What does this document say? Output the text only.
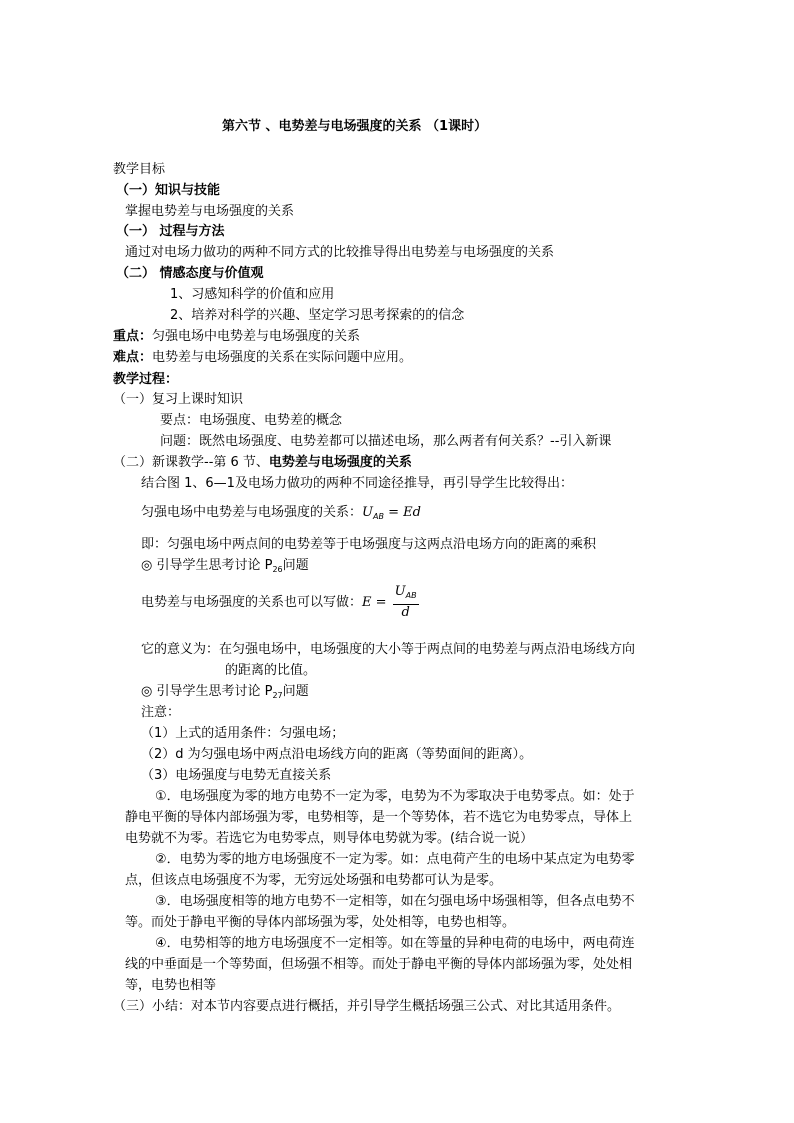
第六节 、电势差与电场强度的关系 （1课时）
教学目标
（一）知识与技能
掌握电势差与电场强度的关系
（一） 过程与方法
通过对电场力做功的两种不同方式的比较推导得出电势差与电场强度的关系
（二） 情感态度与价值观
1、习感知科学的价值和应用
2、培养对科学的兴趣、坚定学习思考探索的的信念
重点：匀强电场中电势差与电场强度的关系
难点：电势差与电场强度的关系在实际问题中应用。
教学过程：
（一）复习上课时知识
要点：电场强度、电势差的概念
问题：既然电场强度、电势差都可以描述电场，那么两者有何关系？--引入新课
（二）新课教学--第 6 节、电势差与电场强度的关系
结合图 1、6—1及电场力做功的两种不同途径推导，再引导学生比较得出：
匀强电场中电势差与电场强度的关系：$U_{AB} = Ed$
即：匀强电场中两点间的电势差等于电场强度与这两点沿电场方向的距离的乘积
◎ 引导学生思考讨论 $P_{26}$问题
电势差与电场强度的关系也可以写做：$E = \frac{U_{AB}}{d}$
它的意义为：在匀强电场中，电场强度的大小等于两点间的电势差与两点沿电场线方向
的距离的比值。
◎ 引导学生思考讨论 $P_{27}$问题
注意：
（1）上式的适用条件：匀强电场；
（2）d 为匀强电场中两点沿电场线方向的距离（等势面间的距离）。
（3）电场强度与电势无直接关系
①．电场强度为零的地方电势不一定为零，电势为不为零取决于电势零点。如：处于
静电平衡的导体内部场强为零，电势相等，是一个等势体，若不选它为电势零点，导体上
电势就不为零。若选它为电势零点，则导体电势就为零。(结合说一说）
②．电势为零的地方电场强度不一定为零。如：点电荷产生的电场中某点定为电势零
点，但该点电场强度不为零，无穷远处场强和电势都可认为是零。
③．电场强度相等的地方电势不一定相等，如在匀强电场中场强相等，但各点电势不
等。而处于静电平衡的导体内部场强为零，处处相等，电势也相等。
④．电势相等的地方电场强度不一定相等。如在等量的异种电荷的电场中，两电荷连
线的中垂面是一个等势面，但场强不相等。而处于静电平衡的导体内部场强为零，处处相
等，电势也相等
（三）小结：对本节内容要点进行概括，并引导学生概括场强三公式、对比其适用条件。
